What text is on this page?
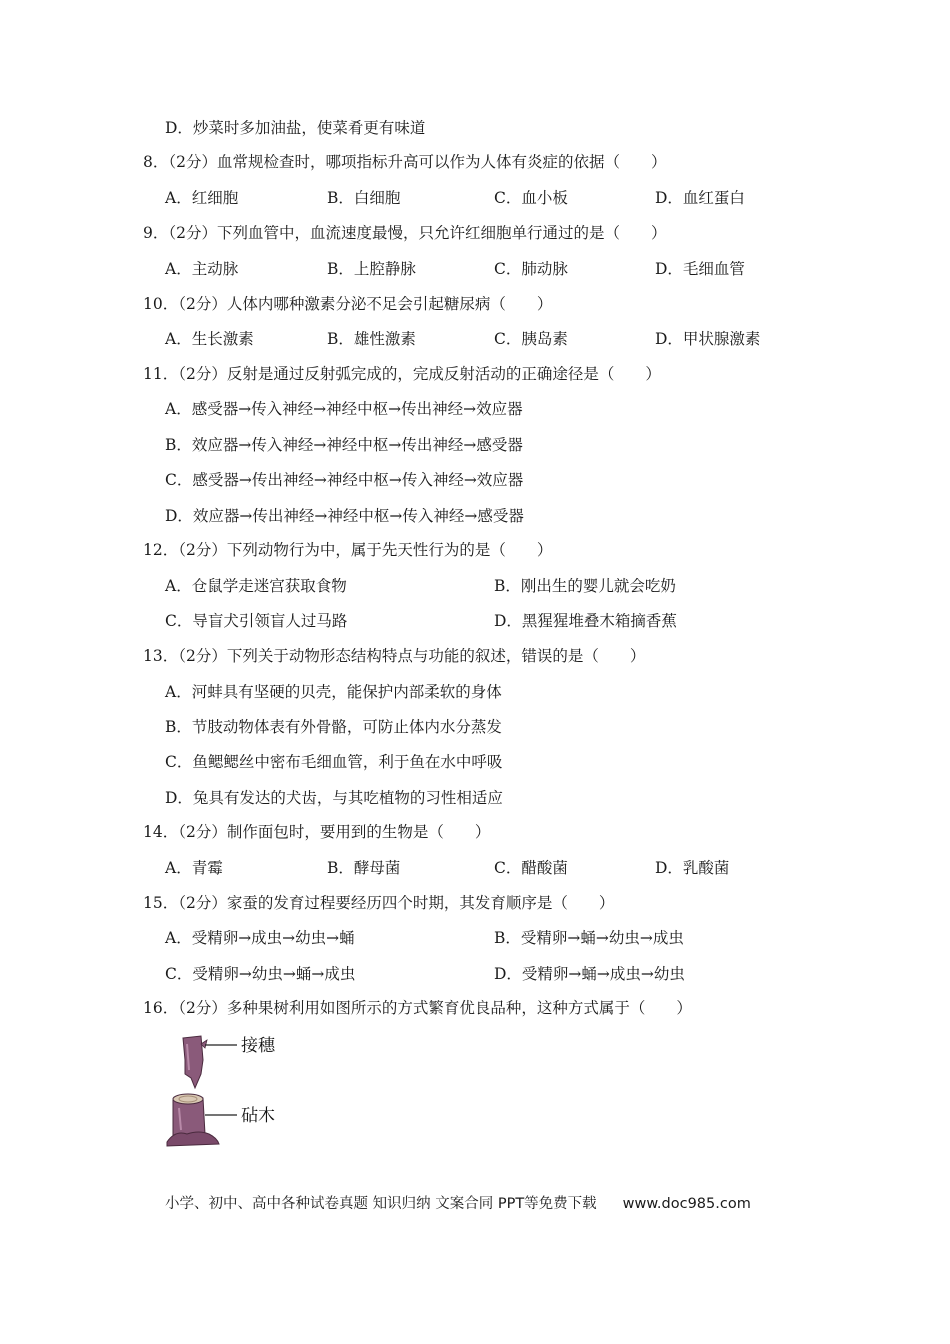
D．炒菜时多加油盐，使菜肴更有味道
8．（2分）血常规检查时，哪项指标升高可以作为人体有炎症的依据（　　）
A．红细胞	B．白细胞	C．血小板	D．血红蛋白
9．（2分）下列血管中，血流速度最慢，只允许红细胞单行通过的是（　　）
A．主动脉	B．上腔静脉	C．肺动脉	D．毛细血管
10．（2分）人体内哪种激素分泌不足会引起糖尿病（　　）
A．生长激素	B．雄性激素	C．胰岛素	D．甲状腺激素
11．（2分）反射是通过反射弧完成的，完成反射活动的正确途径是（　　）
A．感受器→传入神经→神经中枢→传出神经→效应器
B．效应器→传入神经→神经中枢→传出神经→感受器
C．感受器→传出神经→神经中枢→传入神经→效应器
D．效应器→传出神经→神经中枢→传入神经→感受器
12．（2分）下列动物行为中，属于先天性行为的是（　　）
A．仓鼠学走迷宫获取食物	B．刚出生的婴儿就会吃奶
C．导盲犬引领盲人过马路	D．黑猩猩堆叠木箱摘香蕉
13．（2分）下列关于动物形态结构特点与功能的叙述，错误的是（　　）
A．河蚌具有坚硬的贝壳，能保护内部柔软的身体
B．节肢动物体表有外骨骼，可防止体内水分蒸发
C．鱼鳃鳃丝中密布毛细血管，利于鱼在水中呼吸
D．兔具有发达的犬齿，与其吃植物的习性相适应
14．（2分）制作面包时，要用到的生物是（　　）
A．青霉	B．酵母菌	C．醋酸菌	D．乳酸菌
15．（2分）家蚕的发育过程要经历四个时期，其发育顺序是（　　）
A．受精卵→成虫→幼虫→蛹	B．受精卵→蛹→幼虫→成虫
C．受精卵→幼虫→蛹→成虫	D．受精卵→蛹→成虫→幼虫
16．（2分）多种果树利用如图所示的方式繁育优良品种，这种方式属于（　　）
接穗
砧木
小学、初中、高中各种试卷真题 知识归纳 文案合同 PPT等免费下载 www.doc985.com
